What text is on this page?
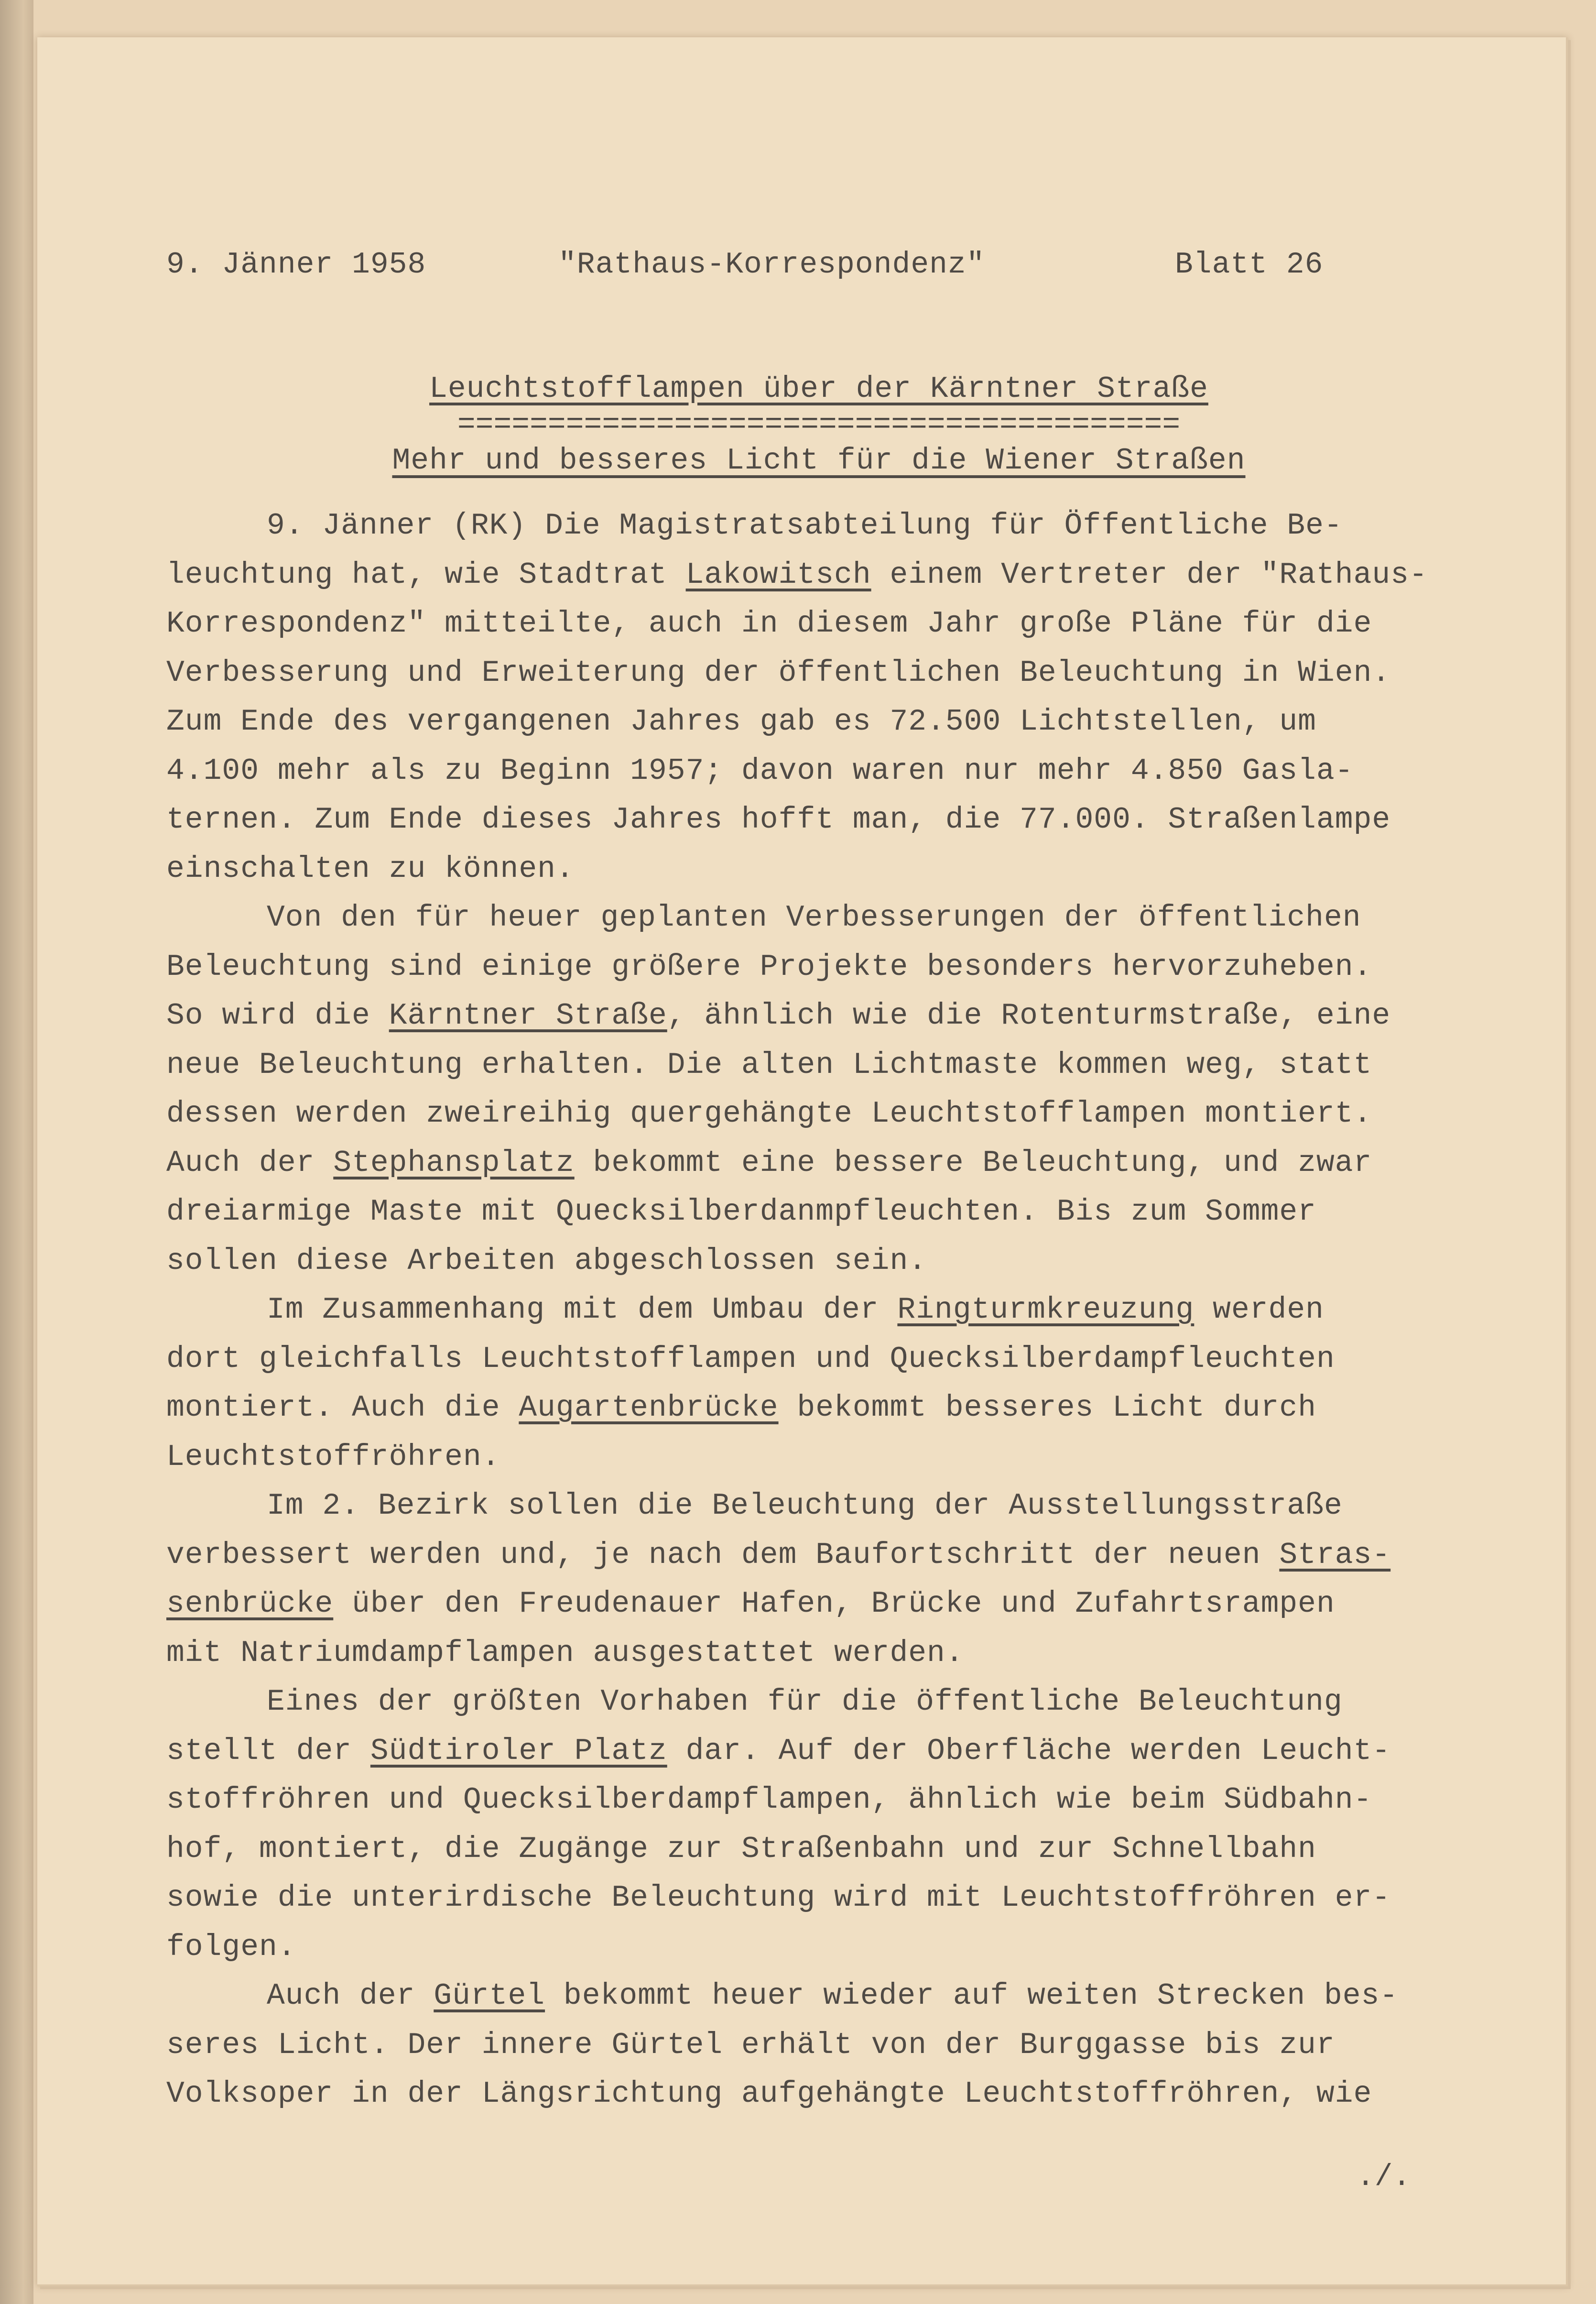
9. Jänner 1958	"Rathaus-Korrespondenz"	Blatt 26
Leuchtstofflampen über der Kärntner Straße
========================================
Mehr und besseres Licht für die Wiener Straßen
9. Jänner (RK) Die Magistratsabteilung für Öffentliche Be-
leuchtung hat, wie Stadtrat Lakowitsch einem Vertreter der "Rathaus-
Korrespondenz" mitteilte, auch in diesem Jahr große Pläne für die
Verbesserung und Erweiterung der öffentlichen Beleuchtung in Wien.
Zum Ende des vergangenen Jahres gab es 72.500 Lichtstellen, um
4.100 mehr als zu Beginn 1957; davon waren nur mehr 4.850 Gasla-
ternen. Zum Ende dieses Jahres hofft man, die 77.000. Straßenlampe
einschalten zu können.
Von den für heuer geplanten Verbesserungen der öffentlichen
Beleuchtung sind einige größere Projekte besonders hervorzuheben.
So wird die Kärntner Straße, ähnlich wie die Rotenturmstraße, eine
neue Beleuchtung erhalten. Die alten Lichtmaste kommen weg, statt
dessen werden zweireihig quergehängte Leuchtstofflampen montiert.
Auch der Stephansplatz bekommt eine bessere Beleuchtung, und zwar
dreiarmige Maste mit Quecksilberdanmpfleuchten. Bis zum Sommer
sollen diese Arbeiten abgeschlossen sein.
Im Zusammenhang mit dem Umbau der Ringturmkreuzung werden
dort gleichfalls Leuchtstofflampen und Quecksilberdampfleuchten
montiert. Auch die Augartenbrücke bekommt besseres Licht durch
Leuchtstoffröhren.
Im 2. Bezirk sollen die Beleuchtung der Ausstellungsstraße
verbessert werden und, je nach dem Baufortschritt der neuen Stras-
senbrücke über den Freudenauer Hafen, Brücke und Zufahrtsrampen
mit Natriumdampflampen ausgestattet werden.
Eines der größten Vorhaben für die öffentliche Beleuchtung
stellt der Südtiroler Platz dar. Auf der Oberfläche werden Leucht-
stoffröhren und Quecksilberdampflampen, ähnlich wie beim Südbahn-
hof, montiert, die Zugänge zur Straßenbahn und zur Schnellbahn
sowie die unterirdische Beleuchtung wird mit Leuchtstoffröhren er-
folgen.
Auch der Gürtel bekommt heuer wieder auf weiten Strecken bes-
seres Licht. Der innere Gürtel erhält von der Burggasse bis zur
Volksoper in der Längsrichtung aufgehängte Leuchtstoffröhren, wie
./.
